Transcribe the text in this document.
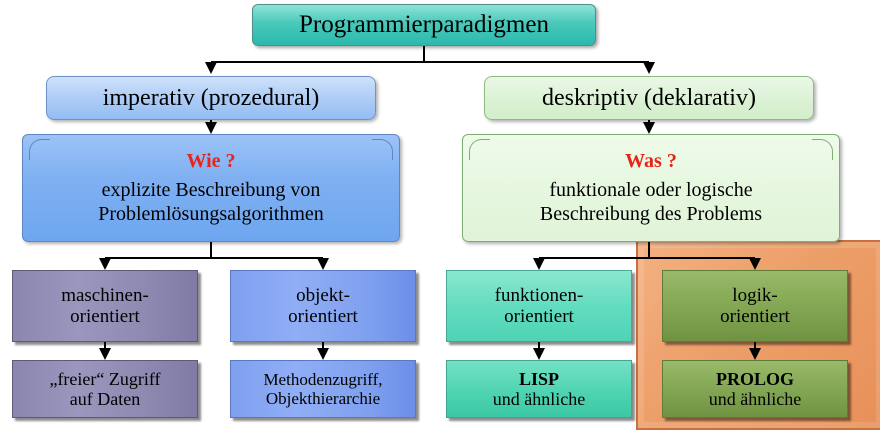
Programmierparadigmen
imperativ (prozedural)	deskriptiv (deklarativ)
Wie ?
explizite Beschreibung von
Problemlösungsalgorithmen
Was ?
funktionale oder logische
Beschreibung des Problems
maschinen-
orientiert
objekt-
orientiert
funktionen-
orientiert
logik-
orientiert
„freier“ Zugriff
auf Daten
Methodenzugriff,
Objekthierarchie
LISP
und ähnliche
PROLOG
und ähnliche
